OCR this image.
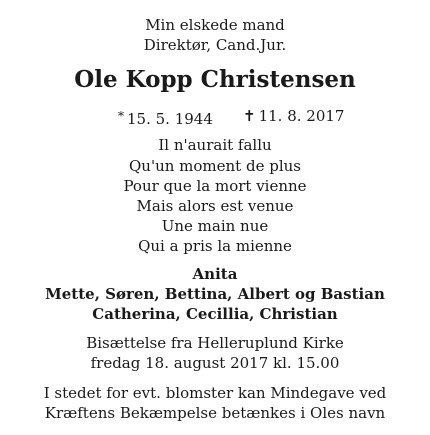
Min elskede mand
Direktør, Cand.Jur.
Ole Kopp Christensen
* 15. 5. 1944 ✝ 11. 8. 2017
Il n'aurait fallu
Qu'un moment de plus
Pour que la mort vienne
Mais alors est venue
Une main nue
Qui a pris la mienne
Anita
Mette, Søren, Bettina, Albert og Bastian
Catherina, Cecillia, Christian
Bisættelse fra Helleruplund Kirke
fredag 18. august 2017 kl. 15.00
I stedet for evt. blomster kan Mindegave ved
Kræftens Bekæmpelse betænkes i Oles navn
